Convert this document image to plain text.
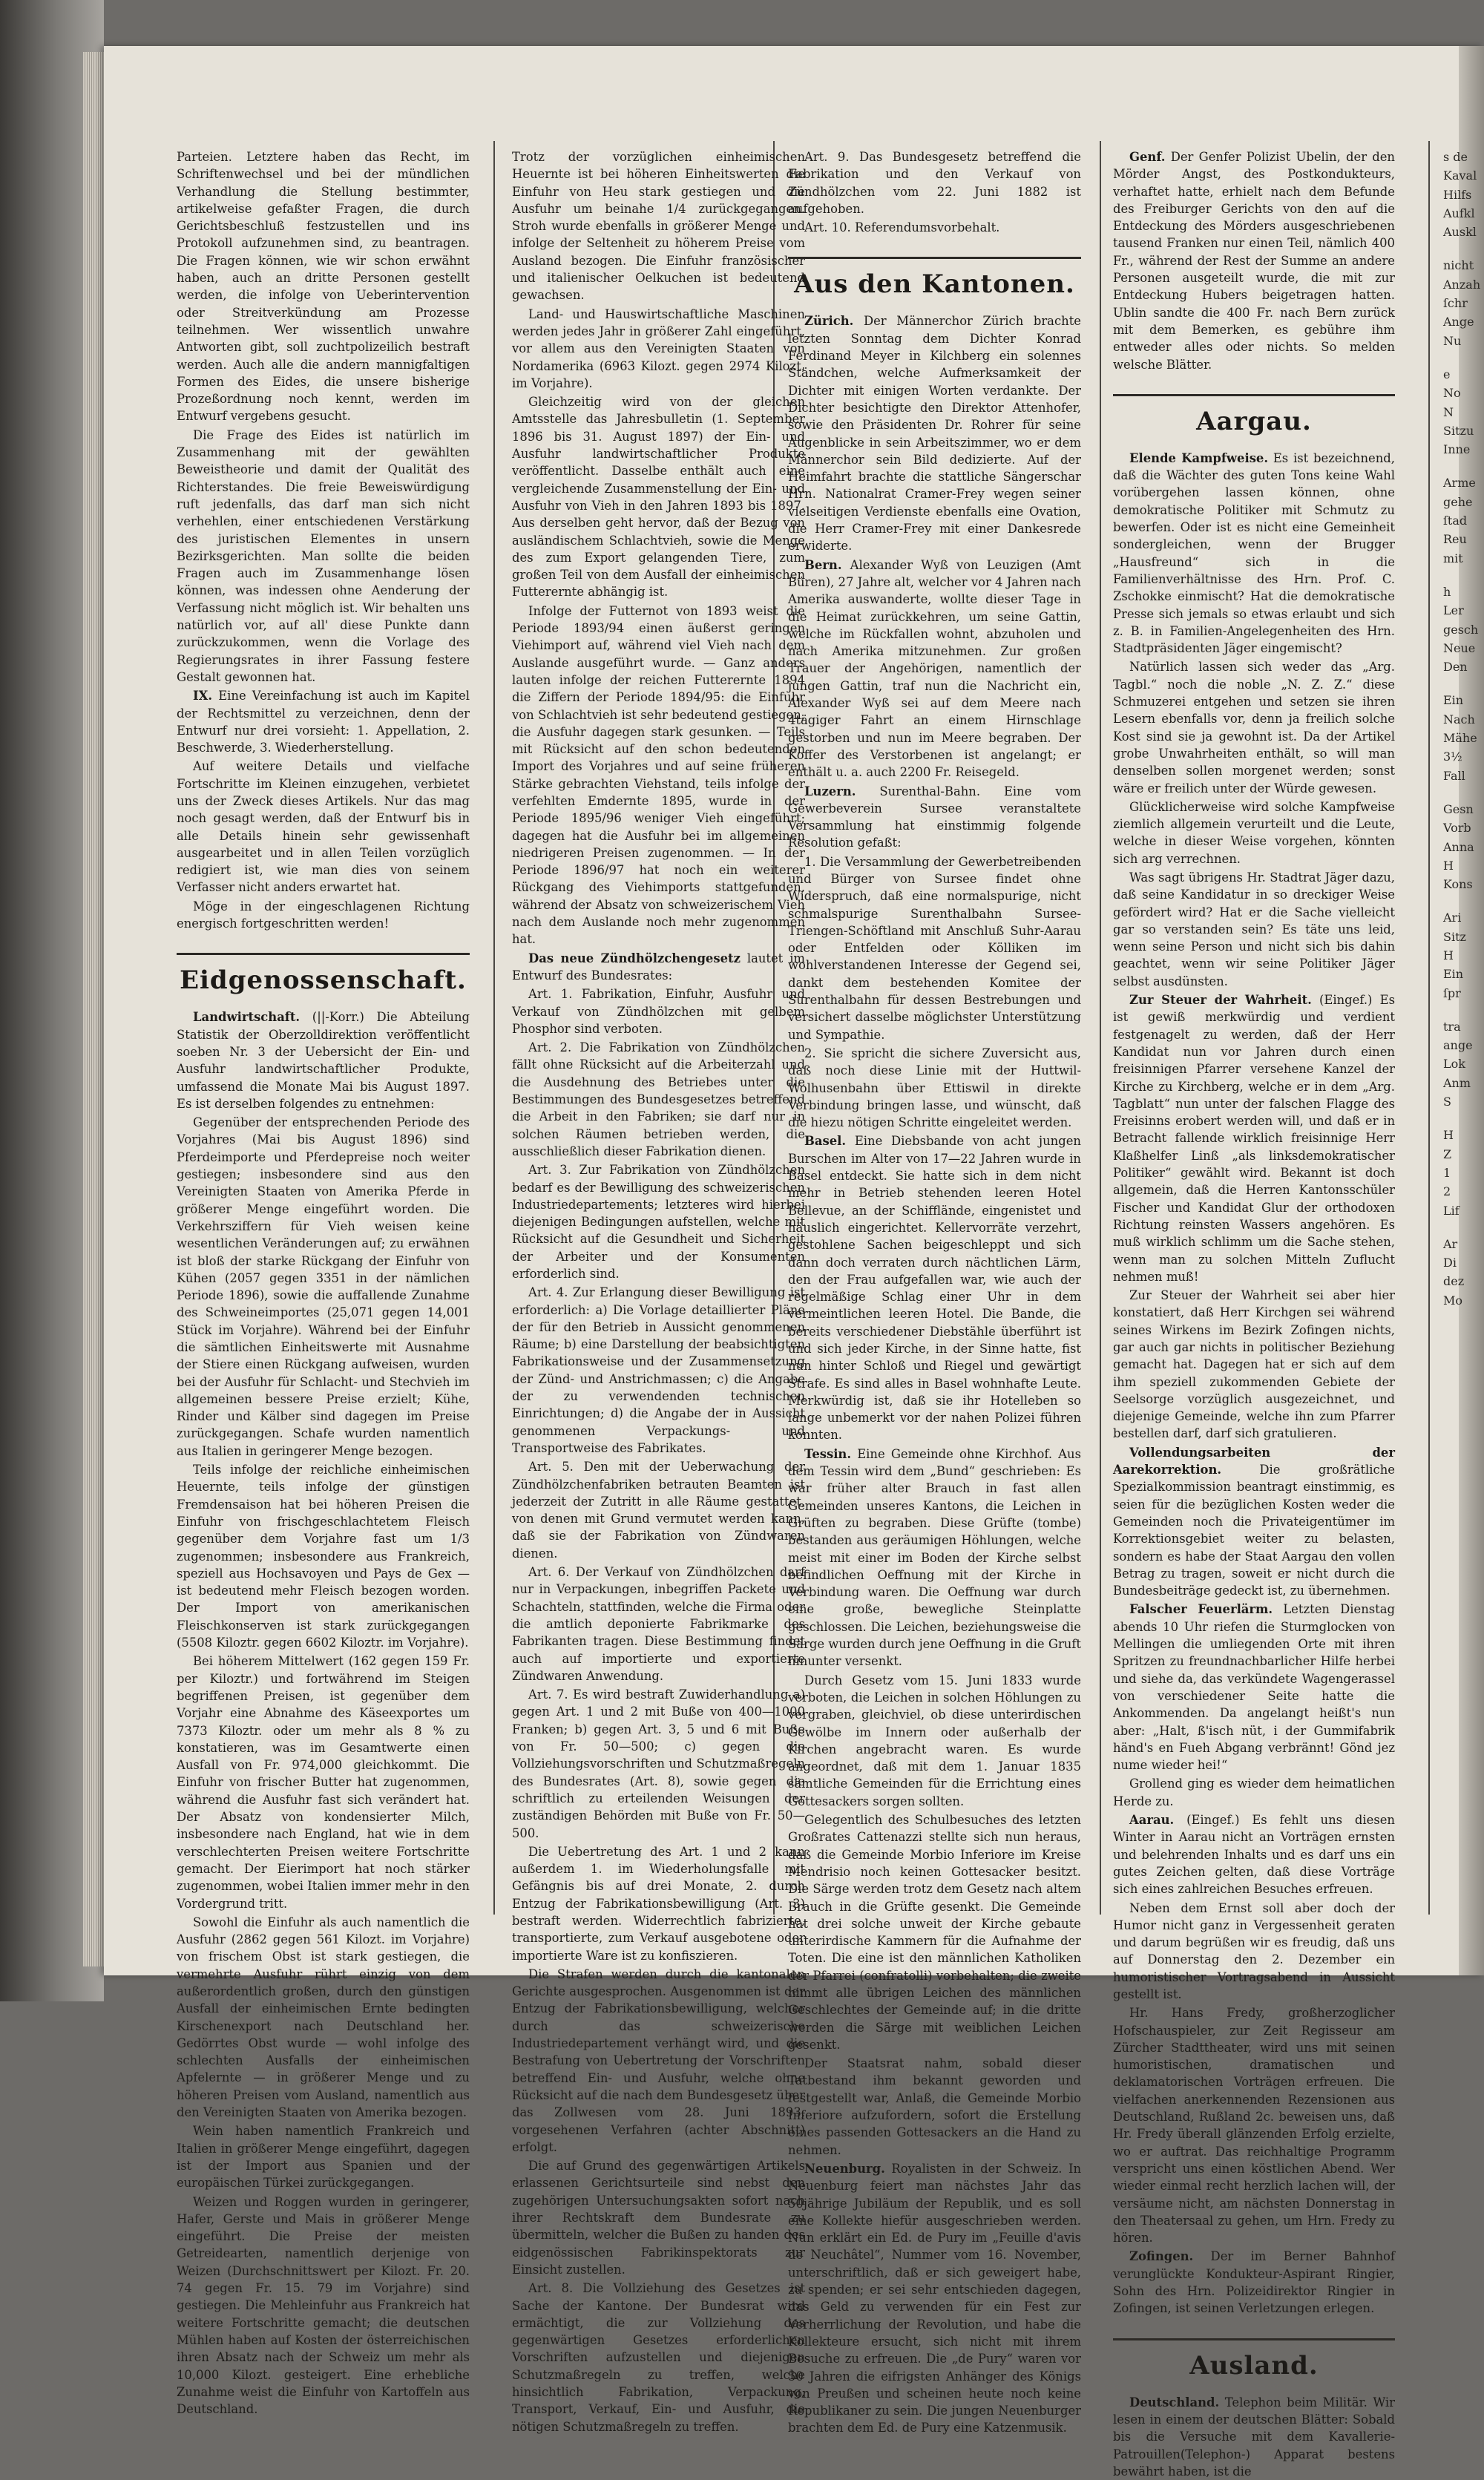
Parteien. Letztere haben das Recht, im Schriftenwechsel und bei der mündlichen Verhandlung die Stellung bestimmter, artikelweise gefaßter Fragen, die durch Gerichtsbeschluß festzustellen und ins Protokoll aufzunehmen sind, zu beantragen. Die Fragen können, wie wir schon erwähnt haben, auch an dritte Personen gestellt werden, die infolge von Ueberintervention oder Streitverkündung am Prozesse teilnehmen. Wer wissentlich unwahre Antworten gibt, soll zuchtpolizeilich bestraft werden. Auch alle die andern mannigfaltigen Formen des Eides, die unsere bisherige Prozeßordnung noch kennt, werden im Entwurf vergebens gesucht.

Die Frage des Eides ist natürlich im Zusammenhang mit der gewählten Beweistheorie und damit der Qualität des Richterstandes. Die freie Beweiswürdigung ruft jedenfalls, das darf man sich nicht verhehlen, einer entschiedenen Verstärkung des juristischen Elementes in unsern Bezirksgerichten. Man sollte die beiden Fragen auch im Zusammenhange lösen können, was indessen ohne Aenderung der Verfassung nicht möglich ist. Wir behalten uns natürlich vor, auf all' diese Punkte dann zurückzukommen, wenn die Vorlage des Regierungsrates in ihrer Fassung festere Gestalt gewonnen hat.

IX. Eine Vereinfachung ist auch im Kapitel der Rechtsmittel zu verzeichnen, denn der Entwurf nur drei vorsieht: 1. Appellation, 2. Beschwerde, 3. Wiederherstellung.

Auf weitere Details und vielfache Fortschritte im Kleinen einzugehen, verbietet uns der Zweck dieses Artikels. Nur das mag noch gesagt werden, daß der Entwurf bis in alle Details hinein sehr gewissenhaft ausgearbeitet und in allen Teilen vorzüglich redigiert ist, wie man dies von seinem Verfasser nicht anders erwartet hat.

Möge in der eingeschlagenen Richtung energisch fortgeschritten werden!

Eidgenossenschaft.

Landwirtschaft. (||-Korr.) Die Abteilung Statistik der Oberzolldirektion veröffentlicht soeben Nr. 3 der Uebersicht der Ein- und Ausfuhr landwirtschaftlicher Produkte, umfassend die Monate Mai bis August 1897. Es ist derselben folgendes zu entnehmen:

Gegenüber der entsprechenden Periode des Vorjahres (Mai bis August 1896) sind Pferdeimporte und Pferdepreise noch weiter gestiegen; insbesondere sind aus den Vereinigten Staaten von Amerika Pferde in größerer Menge eingeführt worden. Die Verkehrsziffern für Vieh weisen keine wesentlichen Veränderungen auf; zu erwähnen ist bloß der starke Rückgang der Einfuhr von Kühen (2057 gegen 3351 in der nämlichen Periode 1896), sowie die auffallende Zunahme des Schweineimportes (25,071 gegen 14,001 Stück im Vorjahre). Während bei der Einfuhr die sämtlichen Einheitswerte mit Ausnahme der Stiere einen Rückgang aufweisen, wurden bei der Ausfuhr für Schlacht- und Stechvieh im allgemeinen bessere Preise erzielt; Kühe, Rinder und Kälber sind dagegen im Preise zurückgegangen. Schafe wurden namentlich aus Italien in geringerer Menge bezogen.

Teils infolge der reichliche einheimischen Heuernte, teils infolge der günstigen Fremdensaison hat bei höheren Preisen die Einfuhr von frischgeschlachtetem Fleisch gegenüber dem Vorjahre fast um 1/3 zugenommen; insbesondere aus Frankreich, speziell aus Hochsavoyen und Pays de Gex — ist bedeutend mehr Fleisch bezogen worden. Der Import von amerikanischen Fleischkonserven ist stark zurückgegangen (5508 Kiloztr. gegen 6602 Kiloztr. im Vorjahre).

Bei höherem Mittelwert (162 gegen 159 Fr. per Kiloztr.) und fortwährend im Steigen begriffenen Preisen, ist gegenüber dem Vorjahr eine Abnahme des Käseexportes um 7373 Kiloztr. oder um mehr als 8 % zu konstatieren, was im Gesamtwerte einen Ausfall von Fr. 974,000 gleichkommt. Die Einfuhr von frischer Butter hat zugenommen, während die Ausfuhr fast sich verändert hat. Der Absatz von kondensierter Milch, insbesondere nach England, hat wie in dem verschlechterten Preisen weitere Fortschritte gemacht. Der Eierimport hat noch stärker zugenommen, wobei Italien immer mehr in den Vordergrund tritt.

Sowohl die Einfuhr als auch namentlich die Ausfuhr (2862 gegen 561 Kilozt. im Vorjahre) von frischem Obst ist stark gestiegen, die vermehrte Ausfuhr rührt einzig von dem außerordentlich großen, durch den günstigen Ausfall der einheimischen Ernte bedingten Kirschenexport nach Deutschland her. Gedörrtes Obst wurde — wohl infolge des schlechten Ausfalls der einheimischen Apfelernte — in größerer Menge und zu höheren Preisen vom Ausland, namentlich aus den Vereinigten Staaten von Amerika bezogen.

Wein haben namentlich Frankreich und Italien in größerer Menge eingeführt, dagegen ist der Import aus Spanien und der europäischen Türkei zurückgegangen.

Weizen und Roggen wurden in geringerer, Hafer, Gerste und Mais in größerer Menge eingeführt. Die Preise der meisten Getreidearten, namentlich derjenige von Weizen (Durchschnittswert per Kilozt. Fr. 20. 74 gegen Fr. 15. 79 im Vorjahre) sind gestiegen. Die Mehleinfuhr aus Frankreich hat weitere Fortschritte gemacht; die deutschen Mühlen haben auf Kosten der österreichischen ihren Absatz nach der Schweiz um mehr als 10,000 Kilozt. gesteigert. Eine erhebliche Zunahme weist die Einfuhr von Kartoffeln aus Deutschland.

Trotz der vorzüglichen einheimischen Heuernte ist bei höheren Einheitswerten die Einfuhr von Heu stark gestiegen und die Ausfuhr um beinahe 1/4 zurückgegangen. Stroh wurde ebenfalls in größerer Menge und infolge der Seltenheit zu höherem Preise vom Ausland bezogen. Die Einfuhr französischer und italienischer Oelkuchen ist bedeutend gewachsen.

Land- und Hauswirtschaftliche Maschinen werden jedes Jahr in größerer Zahl eingeführt, vor allem aus den Vereinigten Staaten von Nordamerika (6963 Kilozt. gegen 2974 Kilozt. im Vorjahre).

Gleichzeitig wird von der gleichen Amtsstelle das Jahresbulletin (1. September 1896 bis 31. August 1897) der Ein- und Ausfuhr landwirtschaftlicher Produkte veröffentlicht. Dasselbe enthält auch eine vergleichende Zusammenstellung der Ein- und Ausfuhr von Vieh in den Jahren 1893 bis 1897. Aus derselben geht hervor, daß der Bezug von ausländischem Schlachtvieh, sowie die Menge des zum Export gelangenden Tiere, zum großen Teil von dem Ausfall der einheimischen Futterernte abhängig ist.

Infolge der Futternot von 1893 weist die Periode 1893/94 einen äußerst geringen Viehimport auf, während viel Vieh nach dem Auslande ausgeführt wurde. — Ganz anders lauten infolge der reichen Futterernte 1894 die Ziffern der Periode 1894/95: die Einfuhr von Schlachtvieh ist sehr bedeutend gestiegen, die Ausfuhr dagegen stark gesunken. — Teils mit Rücksicht auf den schon bedeutenden Import des Vorjahres und auf seine früheren Stärke gebrachten Viehstand, teils infolge der verfehlten Emdernte 1895, wurde in der Periode 1895/96 weniger Vieh eingeführt; dagegen hat die Ausfuhr bei im allgemeinen niedrigeren Preisen zugenommen. — In der Periode 1896/97 hat noch ein weiterer Rückgang des Viehimports stattgefunden, während der Absatz von schweizerischem Vieh nach dem Auslande noch mehr zugenommen hat.

Das neue Zündhölzchengesetz lautet im Entwurf des Bundesrates:

Art. 1. Fabrikation, Einfuhr, Ausfuhr und Verkauf von Zündhölzchen mit gelbem Phosphor sind verboten.

Art. 2. Die Fabrikation von Zündhölzchen fällt ohne Rücksicht auf die Arbeiterzahl und die Ausdehnung des Betriebes unter die Bestimmungen des Bundesgesetzes betreffend die Arbeit in den Fabriken; sie darf nur in solchen Räumen betrieben werden, die ausschließlich dieser Fabrikation dienen.

Art. 3. Zur Fabrikation von Zündhölzchen bedarf es der Bewilligung des schweizerischen Industriedepartements; letzteres wird hierbei diejenigen Bedingungen aufstellen, welche mit Rücksicht auf die Gesundheit und Sicherheit der Arbeiter und der Konsumenten erforderlich sind.

Art. 4. Zur Erlangung dieser Bewilligung ist erforderlich: a) Die Vorlage detaillierter Pläne der für den Betrieb in Aussicht genommenen Räume; b) eine Darstellung der beabsichtigten Fabrikationsweise und der Zusammensetzung der Zünd- und Anstrichmassen; c) die Angabe der zu verwendenden technischen Einrichtungen; d) die Angabe der in Aussicht genommenen Verpackungs- und Transportweise des Fabrikates.

Art. 5. Den mit der Ueberwachung der Zündhölzchenfabriken betrauten Beamten ist jederzeit der Zutritt in alle Räume gestattet, von denen mit Grund vermutet werden kann, daß sie der Fabrikation von Zündwaren dienen.

Art. 6. Der Verkauf von Zündhölzchen darf nur in Verpackungen, inbegriffen Packete und Schachteln, stattfinden, welche die Firma oder die amtlich deponierte Fabrikmarke des Fabrikanten tragen. Diese Bestimmung findet auch auf importierte und exportierte Zündwaren Anwendung.

Art. 7. Es wird bestraft Zuwiderhandlung a) gegen Art. 1 und 2 mit Buße von 400—1000 Franken; b) gegen Art. 3, 5 und 6 mit Buße von Fr. 50—500; c) gegen die Vollziehungsvorschriften und Schutzmaßregeln des Bundesrates (Art. 8), sowie gegen die schriftlich zu erteilenden Weisungen der zuständigen Behörden mit Buße von Fr. 50—500.

Die Uebertretung des Art. 1 und 2 kann außerdem 1. im Wiederholungsfalle mit Gefängnis bis auf drei Monate, 2. durch Entzug der Fabrikationsbewilligung (Art. 3) bestraft werden. Widerrechtlich fabrizierte, transportierte, zum Verkauf ausgebotene oder importierte Ware ist zu konfiszieren.

Die Strafen werden durch die kantonalen Gerichte ausgesprochen. Ausgenommen ist der Entzug der Fabrikationsbewilligung, welcher durch das schweizerische Industriedepartement verhängt wird, und die Bestrafung von Uebertretung der Vorschriften betreffend Ein- und Ausfuhr, welche ohne Rücksicht auf die nach dem Bundesgesetz über das Zollwesen vom 28. Juni 1893, vorgesehenen Verfahren (achter Abschnitt) erfolgt.

Die auf Grund des gegenwärtigen Artikels erlassenen Gerichtsurteile sind nebst den zugehörigen Untersuchungsakten sofort nach ihrer Rechtskraft dem Bundesrate zu übermitteln, welcher die Bußen zu handen des eidgenössischen Fabrikinspektorats zur Einsicht zustellen.

Art. 8. Die Vollziehung des Gesetzes ist Sache der Kantone. Der Bundesrat wird ermächtigt, die zur Vollziehung des gegenwärtigen Gesetzes erforderlichen Vorschriften aufzustellen und diejenigen Schutzmaßregeln zu treffen, welche hinsichtlich Fabrikation, Verpackung, Transport, Verkauf, Ein- und Ausfuhr, die nötigen Schutzmaßregeln zu treffen.

Art. 9. Das Bundesgesetz betreffend die Fabrikation und den Verkauf von Zündhölzchen vom 22. Juni 1882 ist aufgehoben.

Art. 10. Referendumsvorbehalt.

Aus den Kantonen.

Zürich. Der Männerchor Zürich brachte letzten Sonntag dem Dichter Konrad Ferdinand Meyer in Kilchberg ein solennes Ständchen, welche Aufmerksamkeit der Dichter mit einigen Worten verdankte. Der Dichter besichtigte den Direktor Attenhofer, sowie den Präsidenten Dr. Rohrer für seine Augenblicke in sein Arbeitszimmer, wo er dem Männerchor sein Bild dedizierte. Auf der Heimfahrt brachte die stattliche Sängerschar Hrn. Nationalrat Cramer-Frey wegen seiner vielseitigen Verdienste ebenfalls eine Ovation, die Herr Cramer-Frey mit einer Dankesrede erwiderte.

Bern. Alexander Wyß von Leuzigen (Amt Büren), 27 Jahre alt, welcher vor 4 Jahren nach Amerika auswanderte, wollte dieser Tage in die Heimat zurückkehren, um seine Gattin, welche im Rückfallen wohnt, abzuholen und nach Amerika mitzunehmen. Zur großen Trauer der Angehörigen, namentlich der jungen Gattin, traf nun die Nachricht ein, Alexander Wyß sei auf dem Meere nach 4tägiger Fahrt an einem Hirnschlage gestorben und nun im Meere begraben. Der Koffer des Verstorbenen ist angelangt; er enthält u. a. auch 2200 Fr. Reisegeld.

Luzern. Surenthal-Bahn. Eine vom Gewerbeverein Sursee veranstaltete Versammlung hat einstimmig folgende Resolution gefaßt:

1. Die Versammlung der Gewerbetreibenden und Bürger von Sursee findet ohne Widerspruch, daß eine normalspurige, nicht schmalspurige Surenthalbahn Sursee-Triengen-Schöftland mit Anschluß Suhr-Aarau oder Entfelden oder Kölliken im wohlverstandenen Interesse der Gegend sei, dankt dem bestehenden Komitee der Surenthalbahn für dessen Bestrebungen und versichert dasselbe möglichster Unterstützung und Sympathie.

2. Sie spricht die sichere Zuversicht aus, daß noch diese Linie mit der Huttwil-Wolhusenbahn über Ettiswil in direkte Verbindung bringen lasse, und wünscht, daß die hiezu nötigen Schritte eingeleitet werden.

Basel. Eine Diebsbande von acht jungen Burschen im Alter von 17—22 Jahren wurde in Basel entdeckt. Sie hatte sich in dem nicht mehr in Betrieb stehenden leeren Hotel Bellevue, an der Schifflände, eingenistet und häuslich eingerichtet. Kellervorräte verzehrt, gestohlene Sachen beigeschleppt und sich dann doch verraten durch nächtlichen Lärm, den der Frau aufgefallen war, wie auch der regelmäßige Schlag einer Uhr in dem vermeintlichen leeren Hotel. Die Bande, die bereits verschiedener Diebstähle überführt ist und sich jeder Kirche, in der Sinne hatte, fist nun hinter Schloß und Riegel und gewärtigt Strafe. Es sind alles in Basel wohnhafte Leute. Merkwürdig ist, daß sie ihr Hotelleben so lange unbemerkt vor der nahen Polizei führen konnten.

Tessin. Eine Gemeinde ohne Kirchhof. Aus dem Tessin wird dem „Bund“ geschrieben: Es war früher alter Brauch in fast allen Gemeinden unseres Kantons, die Leichen in Grüften zu begraben. Diese Grüfte (tombe) bestanden aus geräumigen Höhlungen, welche meist mit einer im Boden der Kirche selbst befindlichen Oeffnung mit der Kirche in Verbindung waren. Die Oeffnung war durch eine große, bewegliche Steinplatte geschlossen. Die Leichen, beziehungsweise die Särge wurden durch jene Oeffnung in die Gruft hinunter versenkt.

Durch Gesetz vom 15. Juni 1833 wurde verboten, die Leichen in solchen Höhlungen zu vergraben, gleichviel, ob diese unterirdischen Gewölbe im Innern oder außerhalb der Kirchen angebracht waren. Es wurde angeordnet, daß mit dem 1. Januar 1835 sämtliche Gemeinden für die Errichtung eines Gottesackers sorgen sollten.

Gelegentlich des Schulbesuches des letzten Großrates Cattenazzi stellte sich nun heraus, daß die Gemeinde Morbio Inferiore im Kreise Mendrisio noch keinen Gottesacker besitzt. Die Särge werden trotz dem Gesetz nach altem Brauch in die Grüfte gesenkt. Die Gemeinde hat drei solche unweit der Kirche gebaute unterirdische Kammern für die Aufnahme der Toten. Die eine ist den männlichen Katholiken der Pfarrei (confratolli) vorbehalten; die zweite nimmt alle übrigen Leichen des männlichen Geschlechtes der Gemeinde auf; in die dritte werden die Särge mit weiblichen Leichen gesenkt.

Der Staatsrat nahm, sobald dieser Tatbestand ihm bekannt geworden und festgestellt war, Anlaß, die Gemeinde Morbio Inferiore aufzufordern, sofort die Erstellung eines passenden Gottesackers an die Hand zu nehmen.

Neuenburg. Royalisten in der Schweiz. In Neuenburg feiert man nächstes Jahr das 50jährige Jubiläum der Republik, und es soll eine Kollekte hiefür ausgeschrieben werden. Nun erklärt ein Ed. de Pury im „Feuille d'avis de Neuchâtel“, Nummer vom 16. November, unterschriftlich, daß er sich geweigert habe, zu spenden; er sei sehr entschieden dagegen, das Geld zu verwenden für ein Fest zur Verherrlichung der Revolution, und habe die Kollekteure ersucht, sich nicht mit ihrem Besuche zu erfreuen. Die „de Pury“ waren vor 50 Jahren die eifrigsten Anhänger des Königs von Preußen und scheinen heute noch keine Republikaner zu sein. Die jungen Neuenburger brachten dem Ed. de Pury eine Katzenmusik.

Genf. Der Genfer Polizist Ubelin, der den Mörder Angst, des Postkondukteurs, verhaftet hatte, erhielt nach dem Befunde des Freiburger Gerichts von den auf die Entdeckung des Mörders ausgeschriebenen tausend Franken nur einen Teil, nämlich 400 Fr., während der Rest der Summe an andere Personen ausgeteilt wurde, die mit zur Entdeckung Hubers beigetragen hatten. Ublin sandte die 400 Fr. nach Bern zurück mit dem Bemerken, es gebühre ihm entweder alles oder nichts. So melden welsche Blätter.

Aargau.

Elende Kampfweise. Es ist bezeichnend, daß die Wächter des guten Tons keine Wahl vorübergehen lassen können, ohne demokratische Politiker mit Schmutz zu bewerfen. Oder ist es nicht eine Gemeinheit sondergleichen, wenn der Brugger „Hausfreund“ sich in die Familienverhältnisse des Hrn. Prof. C. Zschokke einmischt? Hat die demokratische Presse sich jemals so etwas erlaubt und sich z. B. in Familien-Angelegenheiten des Hrn. Stadtpräsidenten Jäger eingemischt?

Natürlich lassen sich weder das „Arg. Tagbl.“ noch die noble „N. Z. Z.“ diese Schmuzerei entgehen und setzen sie ihren Lesern ebenfalls vor, denn ja freilich solche Kost sind sie ja gewohnt ist. Da der Artikel grobe Unwahrheiten enthält, so will man denselben sollen morgenet werden; sonst wäre er freilich unter der Würde gewesen.

Glücklicherweise wird solche Kampfweise ziemlich allgemein verurteilt und die Leute, welche in dieser Weise vorgehen, könnten sich arg verrechnen.

Was sagt übrigens Hr. Stadtrat Jäger dazu, daß seine Kandidatur in so dreckiger Weise gefördert wird? Hat er die Sache vielleicht gar so verstanden sein? Es täte uns leid, wenn seine Person und nicht sich bis dahin geachtet, wenn wir seine Politiker Jäger selbst ausdünsten.

Zur Steuer der Wahrheit. (Eingef.) Es ist gewiß merkwürdig und verdient festgenagelt zu werden, daß der Herr Kandidat nun vor Jahren durch einen freisinnigen Pfarrer versehene Kanzel der Kirche zu Kirchberg, welche er in dem „Arg. Tagblatt“ nun unter der falschen Flagge des Freisinns erobert werden will, und daß er in Betracht fallende wirklich freisinnige Herr Klaßhelfer Linß „als linksdemokratischer Politiker“ gewählt wird. Bekannt ist doch allgemein, daß die Herren Kantonsschüler Fischer und Kandidat Glur der orthodoxen Richtung reinsten Wassers angehören. Es muß wirklich schlimm um die Sache stehen, wenn man zu solchen Mitteln Zuflucht nehmen muß!

Zur Steuer der Wahrheit sei aber hier konstatiert, daß Herr Kirchgen sei während seines Wirkens im Bezirk Zofingen nichts, gar auch gar nichts in politischer Beziehung gemacht hat. Dagegen hat er sich auf dem ihm speziell zukommenden Gebiete der Seelsorge vorzüglich ausgezeichnet, und diejenige Gemeinde, welche ihn zum Pfarrer bestellen darf, darf sich gratulieren.

Vollendungsarbeiten der Aarekorrektion.	Die großrätliche Spezialkommission beantragt einstimmig, es seien für die bezüglichen Kosten weder die Gemeinden noch die Privateigentümer im Korrektionsgebiet weiter zu belasten, sondern es habe der Staat Aargau den vollen Betrag zu tragen, soweit er nicht durch die Bundesbeiträge gedeckt ist, zu übernehmen.

Falscher Feuerlärm. Letzten Dienstag abends 10 Uhr riefen die Sturmglocken von Mellingen die umliegenden Orte mit ihren Spritzen zu freundnachbarlicher Hilfe herbei und siehe da, das verkündete Wagengerassel von verschiedener Seite hatte die Ankommenden. Da angelangt heißt's nun aber: „Halt, ß'isch nüt, i der Gummifabrik händ's en Fueh Abgang verbrännt! Gönd jez nume wieder hei!“

Grollend ging es wieder dem heimatlichen Herde zu.

Aarau. (Eingef.) Es fehlt uns diesen Winter in Aarau nicht an Vorträgen ernsten und belehrenden Inhalts und es darf uns ein gutes Zeichen gelten, daß diese Vorträge sich eines zahlreichen Besuches erfreuen.

Neben dem Ernst soll aber doch der Humor nicht ganz in Vergessenheit geraten und darum begrüßen wir es freudig, daß uns auf Donnerstag den 2. Dezember ein humoristischer Vortragsabend in Aussicht gestellt ist.

Hr. Hans Fredy, großherzoglicher Hofschauspieler, zur Zeit Regisseur am Zürcher Stadttheater, wird uns mit seinen humoristischen, dramatischen und deklamatorischen Vorträgen erfreuen. Die vielfachen anerkennenden Rezensionen aus Deutschland, Rußland 2c. beweisen uns, daß Hr. Fredy überall glänzenden Erfolg erzielte, wo er auftrat. Das reichhaltige Programm verspricht uns einen köstlichen Abend. Wer wieder einmal recht herzlich lachen will, der versäume nicht, am nächsten Donnerstag in den Theatersaal zu gehen, um Hrn. Fredy zu hören.

Zofingen. Der im Berner Bahnhof verunglückte Kondukteur-Aspirant Ringier, Sohn des Hrn. Polizeidirektor Ringier in Zofingen, ist seinen Verletzungen erlegen.

Ausland.

Deutschland. Telephon beim Militär. Wir lesen in einem der deutschen Blätter: Sobald bis die Versuche mit dem Kavallerie-Patrouillen(Telephon-) Apparat bestens bewährt haben, ist die

s de
Kaval
Hilfs
Aufkl
Auskl
nicht
Anzah
ſchr
Ange
Nu
e
No
N
Sitzu
Inne
Arme
gehe
ſtad
Reu
mit
h
Ler
gesch
Neue
Den
Ein
Nach
Mähe
3½
Fall
Gesn
Vorb
Anna
H
Kons
Ari
Sitz
H
Ein
ſpr
tra
ange
Lok
Anm
S
H
Z
1
2
Lif
Ar
Di
dez
Mo
